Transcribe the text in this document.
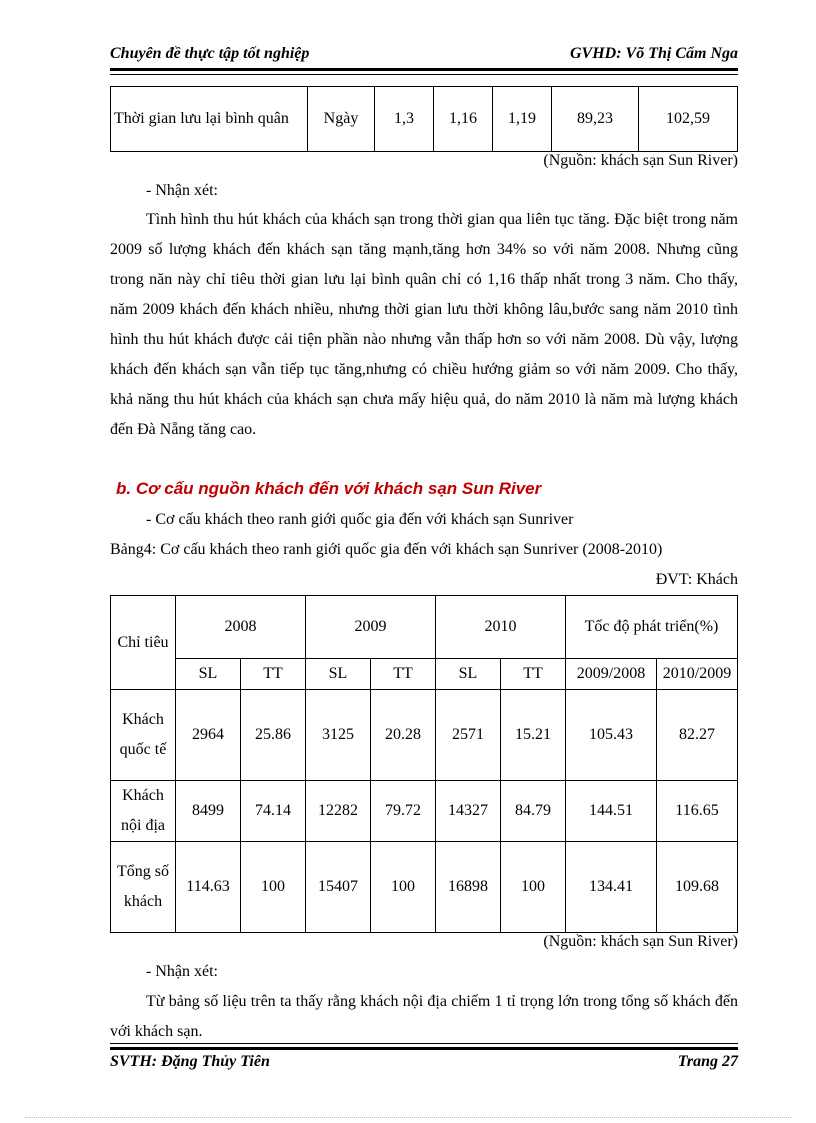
Chuyên đề thực tập tốt nghiệp	GVHD: Võ Thị Cẩm Nga
Thời gian lưu lại bình quân	Ngày	1,3	1,16	1,19	89,23	102,59
(Nguồn: khách sạn Sun River)
- Nhận xét:
Tình hình thu hút khách của khách sạn trong thời gian qua liên tục tăng. Đặc biệt trong năm 2009 số lượng khách đến khách sạn tăng mạnh,tăng hơn 34% so với năm 2008. Nhưng cũng trong năn này chỉ tiêu thời gian lưu lại bình quân chỉ có 1,16 thấp nhất trong 3 năm. Cho thấy, năm 2009 khách đến khách nhiều, nhưng thời gian lưu thời không lâu,bước sang năm 2010 tình hình thu hút khách được cải tiện phần nào nhưng vẫn thấp hơn so với năm 2008. Dù vậy, lượng khách đến khách sạn vẫn tiếp tục tăng,nhưng có chiều hướng giảm so với năm 2009. Cho thấy, khả năng thu hút khách của khách sạn chưa mấy hiệu quả, do năm 2010 là năm mà lượng khách đến Đà Nẵng tăng cao.
b. Cơ cấu nguồn khách đến với khách sạn Sun River
- Cơ cấu khách theo ranh giới quốc gia đến với khách sạn Sunriver
Bảng4: Cơ cấu khách theo ranh giới quốc gia đến với khách sạn Sunriver (2008-2010)
ĐVT: Khách
Chỉ tiêu	2008		2009		2010		Tốc độ phát triển(%)	
	SL	TT	SL	TT	SL	TT	2009/2008	2010/2009
Khách quốc tế	2964	25.86	3125	20.28	2571	15.21	105.43	82.27
Khách nội địa	8499	74.14	12282	79.72	14327	84.79	144.51	116.65
Tổng số khách	114.63	100	15407	100	16898	100	134.41	109.68
(Nguồn: khách sạn Sun River)
- Nhận xét:
Từ bảng số liệu trên ta thấy rằng khách nội địa chiếm 1 tỉ trọng lớn trong tổng số khách đến với khách sạn.
SVTH: Đặng Thủy Tiên	Trang 27
